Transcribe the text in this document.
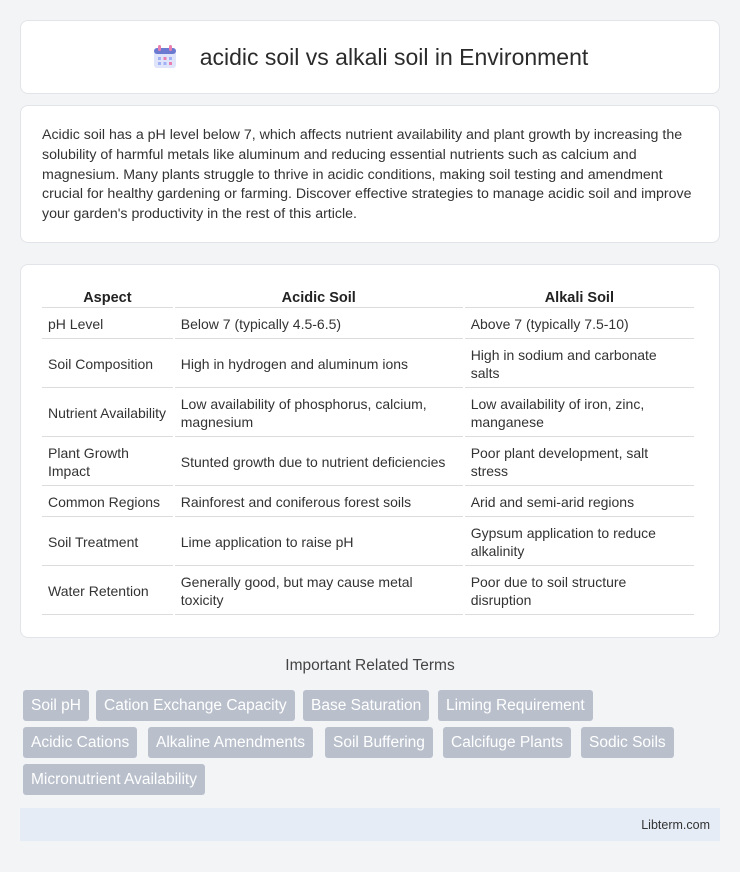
acidic soil vs alkali soil in Environment

Acidic soil has a pH level below 7, which affects nutrient availability and plant growth by increasing the solubility of harmful metals like aluminum and reducing essential nutrients such as calcium and magnesium. Many plants struggle to thrive in acidic conditions, making soil testing and amendment crucial for healthy gardening or farming. Discover effective strategies to manage acidic soil and improve your garden's productivity in the rest of this article.

Aspect	Acidic Soil	Alkali Soil
pH Level	Below 7 (typically 4.5-6.5)	Above 7 (typically 7.5-10)
Soil Composition	High in hydrogen and aluminum ions	High in sodium and carbonate salts
Nutrient Availability	Low availability of phosphorus, calcium, magnesium	Low availability of iron, zinc, manganese
Plant Growth Impact	Stunted growth due to nutrient deficiencies	Poor plant development, salt stress
Common Regions	Rainforest and coniferous forest soils	Arid and semi-arid regions
Soil Treatment	Lime application to raise pH	Gypsum application to reduce alkalinity
Water Retention	Generally good, but may cause metal toxicity	Poor due to soil structure disruption
Important Related Terms
Soil pH	Cation Exchange Capacity	Base Saturation	Liming Requirement
Acidic Cations	Alkaline Amendments	Soil Buffering	Calcifuge Plants	Sodic Soils
Micronutrient Availability
Libterm.com
